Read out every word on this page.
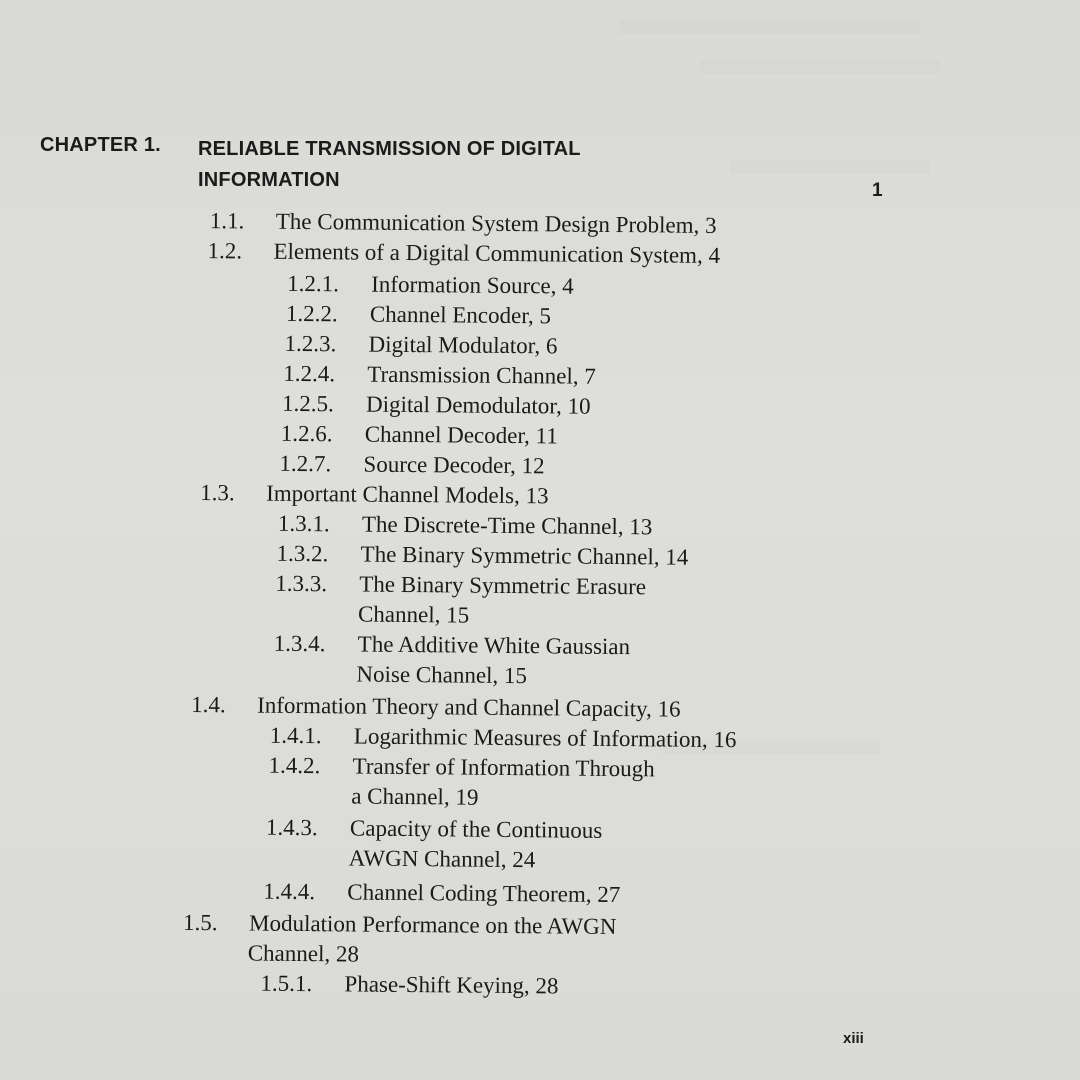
CHAPTER 1. RELIABLE TRANSMISSION OF DIGITAL
INFORMATION	1
1.1. The Communication System Design Problem, 3
1.2. Elements of a Digital Communication System, 4
1.2.1. Information Source, 4
1.2.2. Channel Encoder, 5
1.2.3. Digital Modulator, 6
1.2.4. Transmission Channel, 7
1.2.5. Digital Demodulator, 10
1.2.6. Channel Decoder, 11
1.2.7. Source Decoder, 12
1.3. Important Channel Models, 13
1.3.1. The Discrete-Time Channel, 13
1.3.2. The Binary Symmetric Channel, 14
1.3.3. The Binary Symmetric Erasure
Channel, 15
1.3.4. The Additive White Gaussian
Noise Channel, 15
1.4. Information Theory and Channel Capacity, 16
1.4.1. Logarithmic Measures of Information, 16
1.4.2. Transfer of Information Through
a Channel, 19
1.4.3. Capacity of the Continuous
AWGN Channel, 24
1.4.4. Channel Coding Theorem, 27
1.5. Modulation Performance on the AWGN
Channel, 28
1.5.1. Phase-Shift Keying, 28
xiii
